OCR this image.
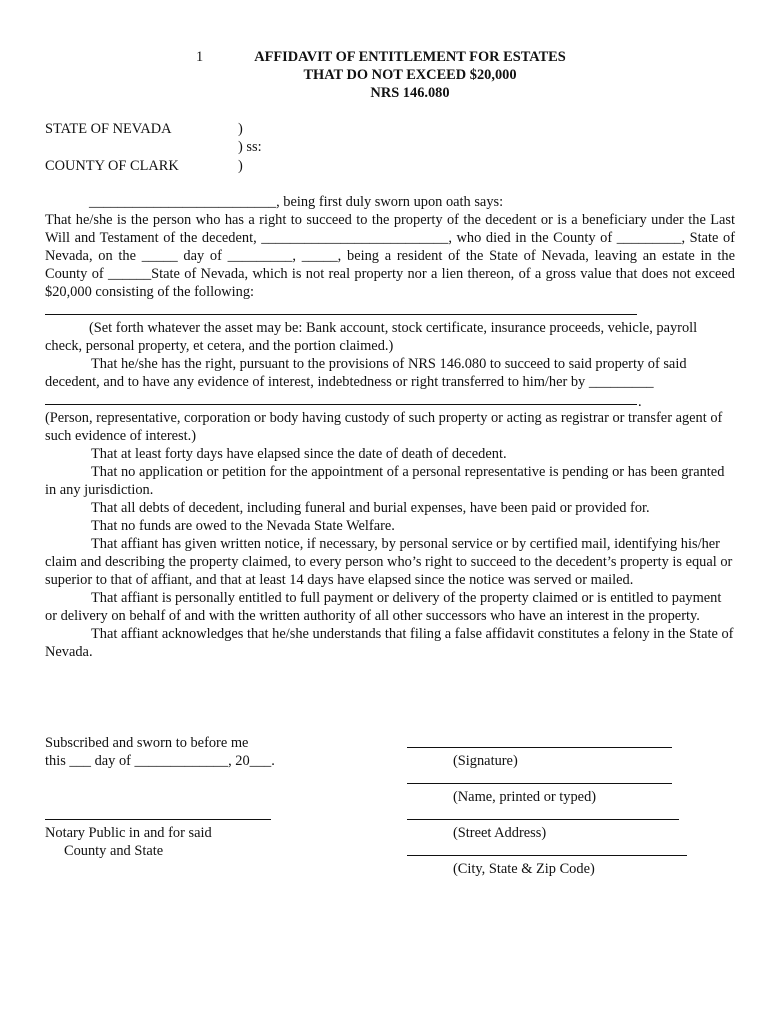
1	AFFIDAVIT OF ENTITLEMENT FOR ESTATES
THAT DO NOT EXCEED $20,000
NRS 146.080
STATE OF NEVADA
COUNTY OF CLARK
)
) ss:
)

__________________________, being first duly sworn upon oath says:

That he/she is the person who has a right to succeed to the property of the decedent or is a beneficiary under the Last Will and Testament of the decedent, __________________________, who died in the County of _________, State of Nevada, on the _____ day of _________, _____, being a resident of the State of Nevada, leaving an estate in the County of ______State of Nevada, which is not real property nor a lien thereon, of a gross value that does not exceed $20,000 consisting of the following:

(Set forth whatever the asset may be: Bank account, stock certificate, insurance proceeds, vehicle, payroll check, personal property, et cetera, and the portion claimed.)

That he/she has the right, pursuant to the provisions of NRS 146.080 to succeed to said property of said decedent, and to have any evidence of interest, indebtedness or right transferred to him/her by _________

.

(Person, representative, corporation or body having custody of such property or acting as registrar or transfer agent of such evidence of interest.)

That at least forty days have elapsed since the date of death of decedent.

That no application or petition for the appointment of a personal representative is pending or has been granted in any jurisdiction.

That all debts of decedent, including funeral and burial expenses, have been paid or provided for.

That no funds are owed to the Nevada State Welfare.

That affiant has given written notice, if necessary, by personal service or by certified mail, identifying his/her claim and describing the property claimed, to every person who’s right to succeed to the decedent’s property is equal or superior to that of affiant, and that at least 14 days have elapsed since the notice was served or mailed.

That affiant is personally entitled to full payment or delivery of the property claimed or is entitled to payment or delivery on behalf of and with the written authority of all other successors who have an interest in the property.

That affiant acknowledges that he/she understands that filing a false affidavit constitutes a felony in the State of Nevada.

Subscribed and sworn to before me
this ___ day of _____________, 20___.
Notary Public in and for said
County and State
(Signature)
(Name, printed or typed)
(Street Address)
(City, State & Zip Code)
